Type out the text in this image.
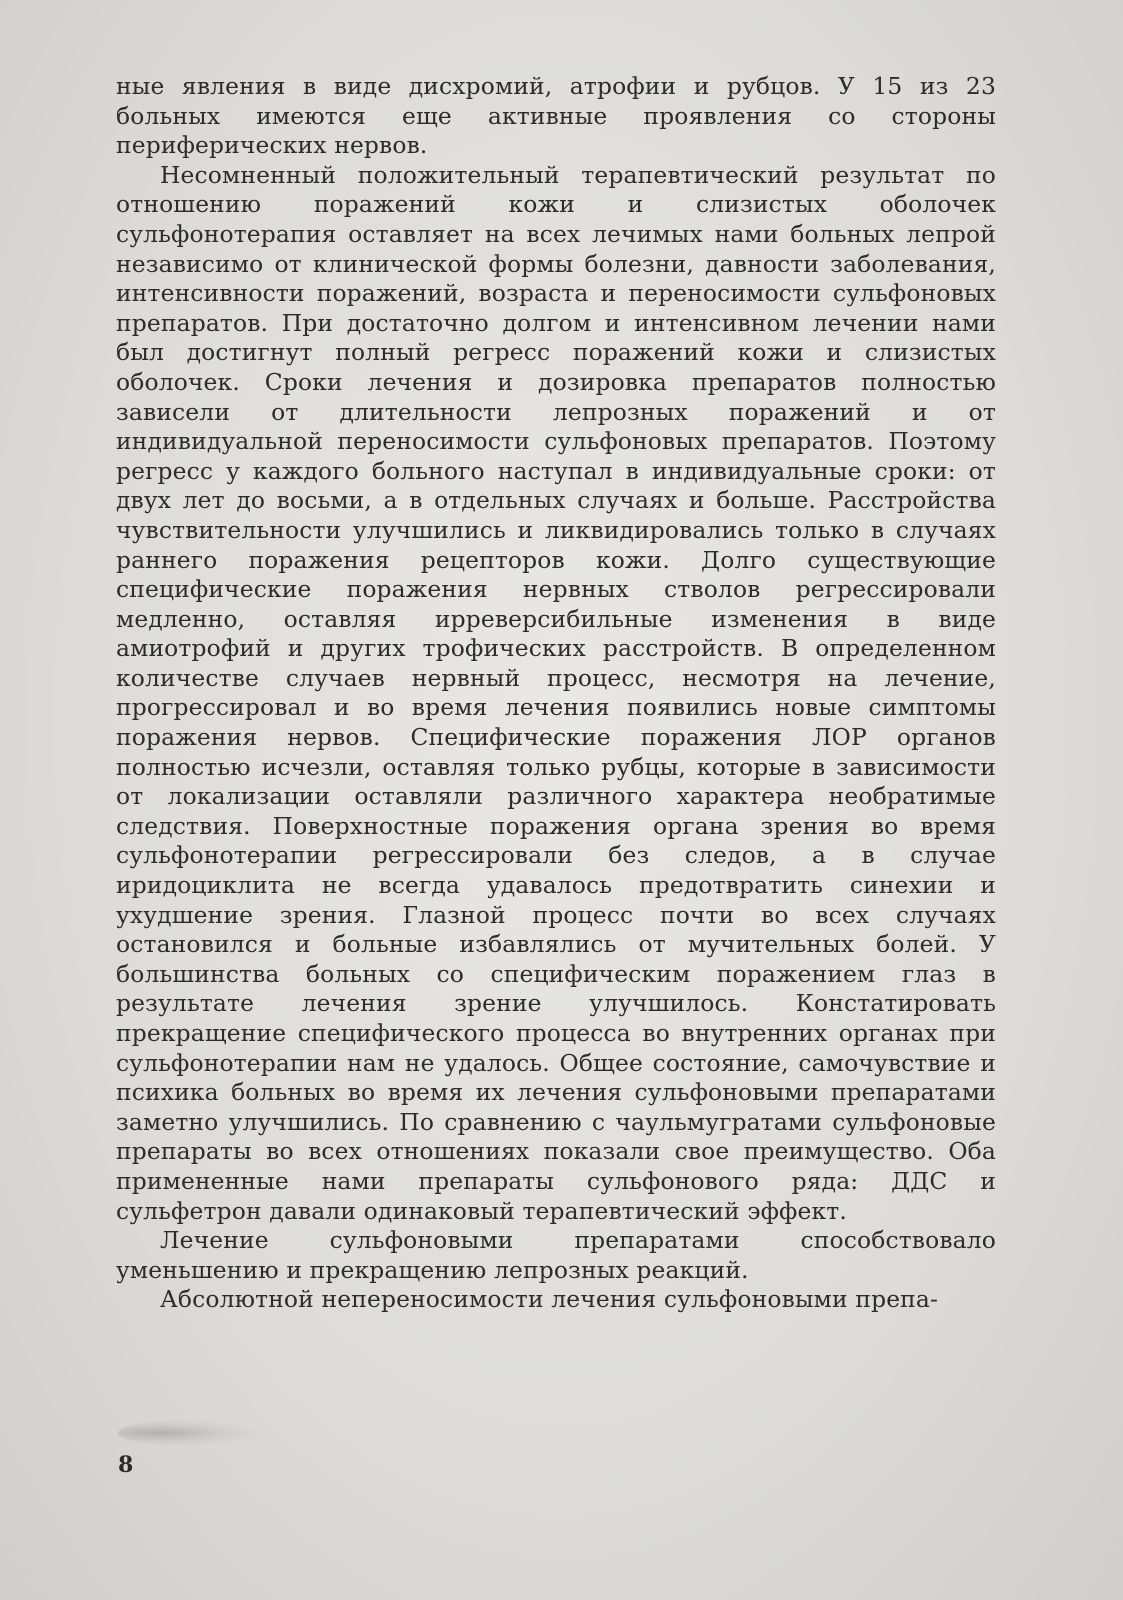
ные явления в виде дисхромий, атрофии и рубцов. У 15 из 23 больных имеются еще активные проявления со стороны периферических нервов.

Несомненный положительный терапевтический результат по отношению поражений кожи и слизистых оболочек сульфонотерапия оставляет на всех лечимых нами больных лепрой независимо от клинической формы болезни, давности заболевания, интенсивности поражений, возраста и переносимости сульфоновых препаратов. При достаточно долгом и интенсивном лечении нами был достигнут полный регресс поражений кожи и слизистых оболочек. Сроки лечения и дозировка препаратов полностью зависели от длительности лепрозных поражений и от индивидуальной переносимости сульфоновых препаратов. Поэтому регресс у каждого больного наступал в индивидуальные сроки: от двух лет до восьми, а в отдельных случаях и больше. Расстройства чувствительности улучшились и ликвидировались только в случаях раннего поражения рецепторов кожи. Долго существующие специфические поражения нервных стволов регрессировали медленно, оставляя ирреверсибильные изменения в виде амиотрофий и других трофических расстройств. В определенном количестве случаев нервный процесс, несмотря на лечение, прогрессировал и во время лечения появились новые симптомы поражения нервов. Специфические поражения ЛОР органов полностью исчезли, оставляя только рубцы, которые в зависимости от локализации оставляли различного характера необратимые следствия. Поверхностные поражения органа зрения во время сульфонотерапии регрессировали без следов, а в случае иридоциклита не всегда удавалось предотвратить синехии и ухудшение зрения. Глазной процесс почти во всех случаях остановился и больные избавлялись от мучительных болей. У большинства больных со специфическим поражением глаз в результате лечения зрение улучшилось. Констатировать прекращение специфического процесса во внутренних органах при сульфонотерапии нам не удалось. Общее состояние, самочувствие и психика больных во время их лечения сульфоновыми препаратами заметно улучшились. По сравнению с чаульмугратами сульфоновые препараты во всех отношениях показали свое преимущество. Оба примененные нами препараты сульфонового ряда: ДДС и сульфетрон давали одинаковый терапевтический эффект.

Лечение сульфоновыми препаратами способствовало уменьшению и прекращению лепрозных реакций.

Абсолютной непереносимости лечения сульфоновыми препа-

8
